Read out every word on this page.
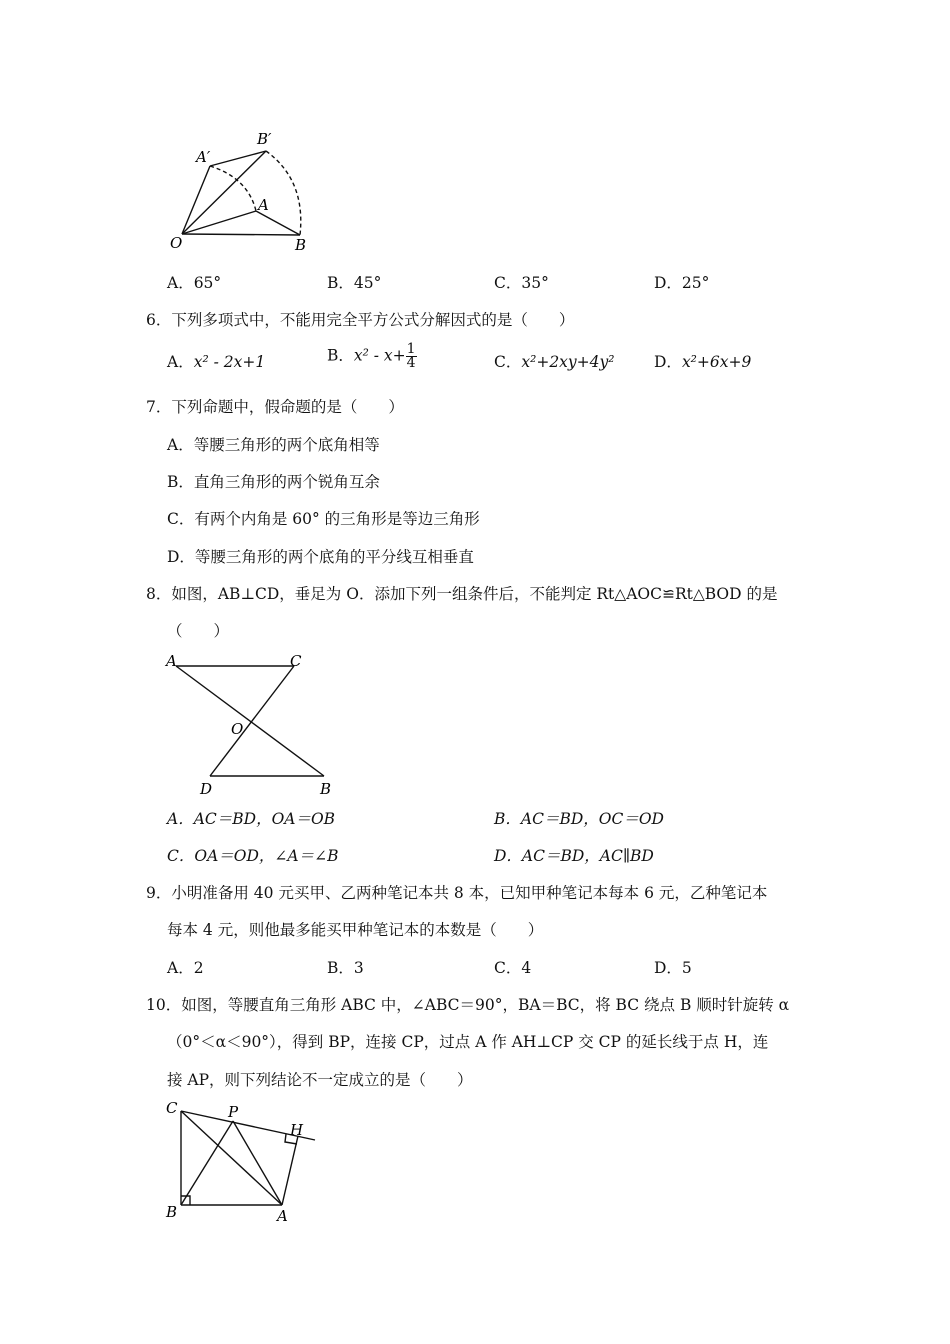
A′
B′
A
O	B
A．65°	B．45°	C．35°	D．25°
6．下列多项式中，不能用完全平方公式分解因式的是（　　）
A．x² - 2x+1	B．$x^2 - x+ \frac{1}{4}$	C．x²+2xy+4y²	D．x²+6x+9
7．下列命题中，假命题的是（　　）
A．等腰三角形的两个底角相等
B．直角三角形的两个锐角互余
C．有两个内角是 60° 的三角形是等边三角形
D．等腰三角形的两个底角的平分线互相垂直
8．如图，AB⊥CD，垂足为 O．添加下列一组条件后，不能判定 Rt△AOC≌Rt△BOD 的是
（　　）
A	C
O
D	B
A．AC＝BD，OA＝OB	B．AC＝BD，OC＝OD
C．OA＝OD，∠A＝∠B	D．AC＝BD，AC∥BD
9．小明准备用 40 元买甲、乙两种笔记本共 8 本，已知甲种笔记本每本 6 元，乙种笔记本
每本 4 元，则他最多能买甲种笔记本的本数是（　　）
A．2	B．3	C．4	D．5
10．如图，等腰直角三角形 ABC 中，∠ABC＝90°，BA＝BC，将 BC 绕点 B 顺时针旋转 α
（0°＜α＜90°），得到 BP，连接 CP，过点 A 作 AH⊥CP 交 CP 的延长线于点 H，连
接 AP，则下列结论不一定成立的是（　　）
C	P
H
B	A
